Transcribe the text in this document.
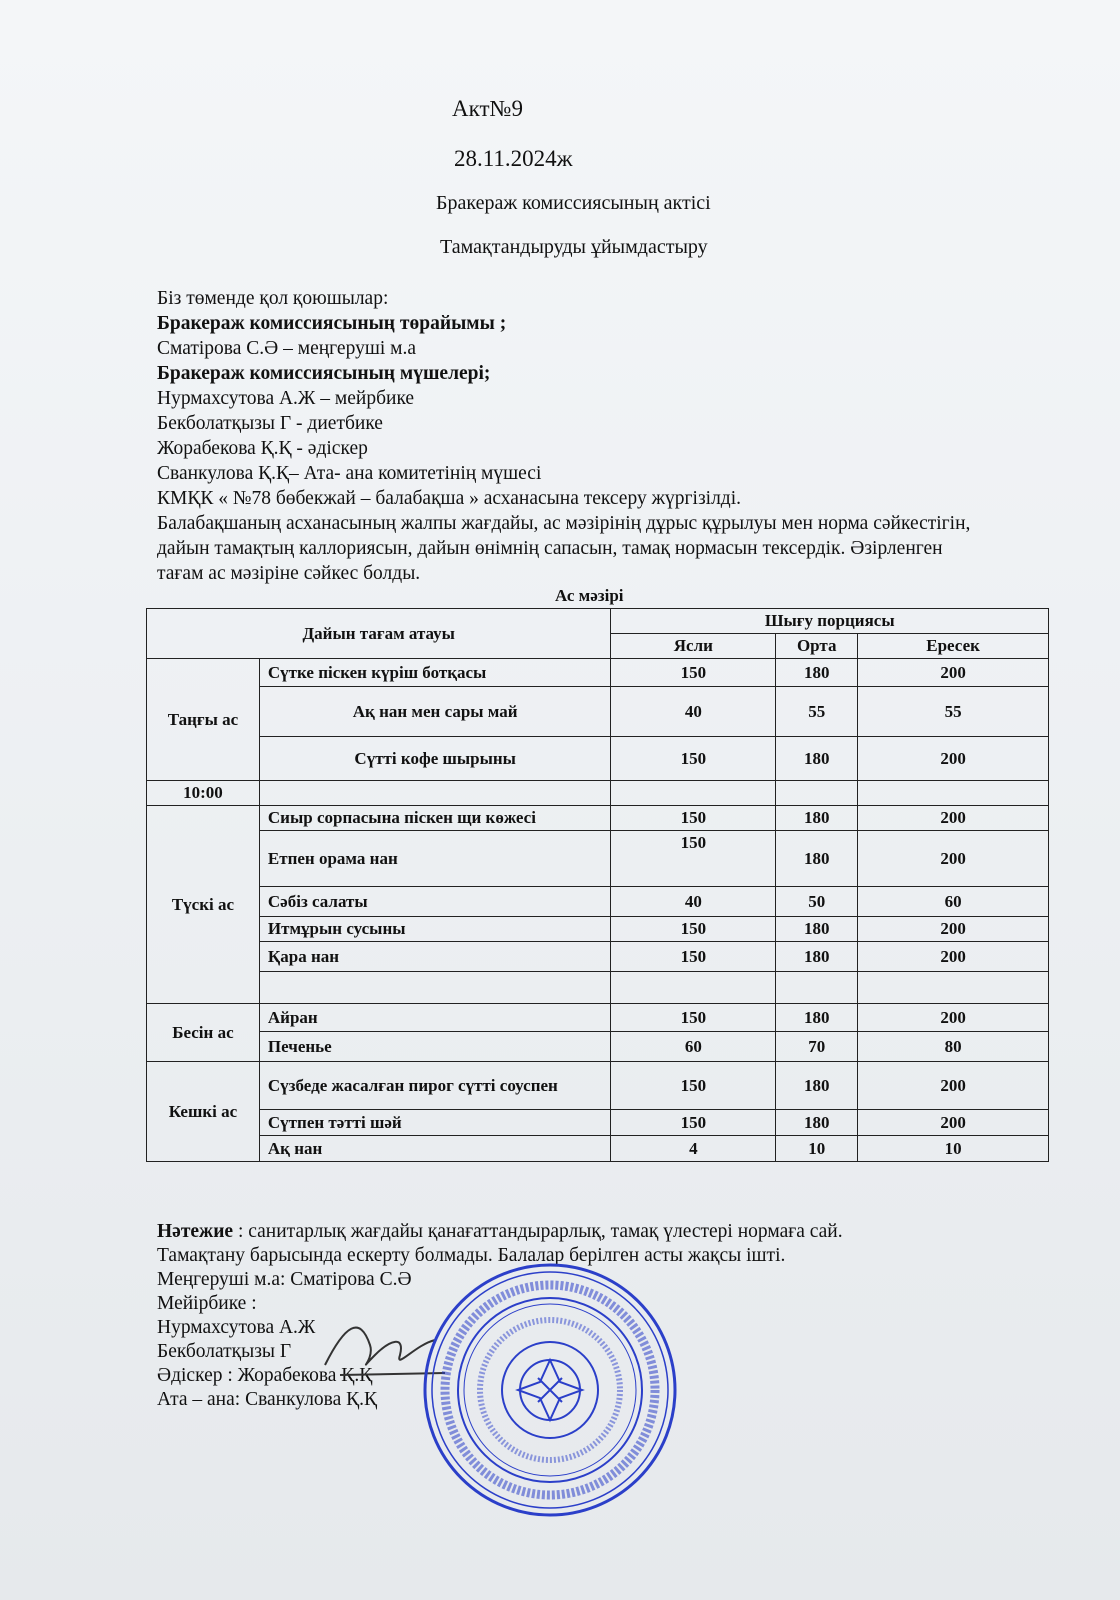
Акт№9
28.11.2024ж
Бракераж комиссиясының актісі
Тамақтандыруды ұйымдастыру
Біз төменде қол қоюшылар:
Бракераж комиссиясының төрайымы ;
Сматірова С.Ә – меңгеруші м.а
Бракераж комиссиясының мүшелері;
Нурмахсутова А.Ж – мейрбике
Бекболатқызы Г - диетбике
Жорабекова Қ.Қ - әдіскер
Сванкулова Қ.Қ– Ата- ана комитетінің мүшесі
КМҚК « №78 бөбекжай – балабақша » асханасына тексеру жүргізілді.
Балабақшаның асханасының жалпы жағдайы, ас мәзірінің дұрыс құрылуы мен норма сәйкестігін, дайын тамақтың каллориясын, дайын өнімнің сапасын, тамақ нормасын тексердік. Әзірленген тағам ас мәзіріне сәйкес болды.
Ас мәзірі
Дайын тағам атауы		Шығу порциясы		
		Ясли	Орта	Ересек
Таңғы ас	Сүтке піскен күріш ботқасы	150	180	200
	Ақ нан мен сары май	40	55	55
	Сүтті кофе шырыны	150	180	200
10:00				
Түскі ас	Сиыр сорпасына піскен щи көжесі	150	180	200
	Етпен орама нан	150	180	200
	Сәбіз салаты	40	50	60
	Итмұрын сусыны	150	180	200
	Қара нан	150	180	200

Бесін ас	Айран	150	180	200
	Печенье	60	70	80
Кешкі ас	Сүзбеде жасалған пирог сүтті соуспен	150	180	200
	Сүтпен тәтті шәй	150	180	200
	Ақ нан	4	10	10
Нәтежие : санитарлық жағдайы қанағаттандырарлық, тамақ үлестері нормаға сай.
Тамақтану барысында ескерту болмады. Балалар берілген асты жақсы ішті.
Меңгеруші м.а: Сматірова С.Ә
Мейірбике :
Нурмахсутова А.Ж
Бекболатқызы Г
Әдіскер : Жорабекова Қ.Қ
Ата – ана: Сванкулова Қ.Қ
